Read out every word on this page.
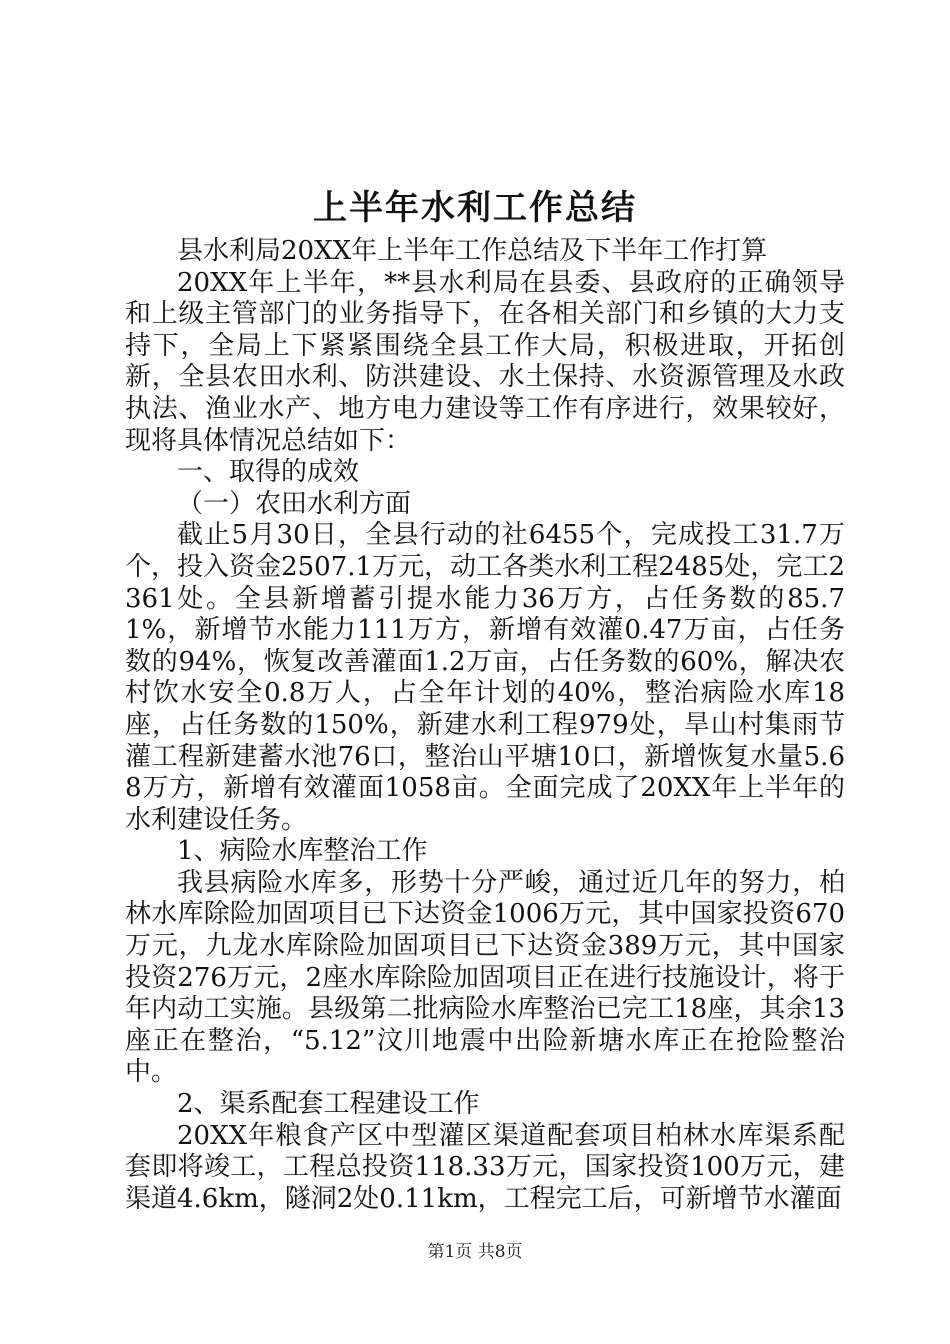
上半年水利工作总结

县水利局20XX年上半年工作总结及下半年工作打算

20XX年上半年，**县水利局在县委、县政府的正确领导和上级主管部门的业务指导下，在各相关部门和乡镇的大力支持下，全局上下紧紧围绕全县工作大局，积极进取，开拓创新，全县农田水利、防洪建设、水土保持、水资源管理及水政执法、渔业水产、地方电力建设等工作有序进行，效果较好，现将具体情况总结如下：

一、取得的成效

（一）农田水利方面

截止5月30日，全县行动的社6455个，完成投工31.7万个，投入资金2507.1万元，动工各类水利工程2485处，完工2361处。全县新增蓄引提水能力36万方，占任务数的85.71%，新增节水能力111万方，新增有效灌0.47万亩，占任务数的94%，恢复改善灌面1.2万亩，占任务数的60%，解决农村饮水安全0.8万人，占全年计划的40%，整治病险水库18座，占任务数的150%，新建水利工程979处，旱山村集雨节灌工程新建蓄水池76口，整治山平塘10口，新增恢复水量5.68万方，新增有效灌面1058亩。全面完成了20XX年上半年的水利建设任务。

1、病险水库整治工作

我县病险水库多，形势十分严峻，通过近几年的努力，柏林水库除险加固项目已下达资金1006万元，其中国家投资670万元，九龙水库除险加固项目已下达资金389万元，其中国家投资276万元，2座水库除险加固项目正在进行技施设计，将于年内动工实施。县级第二批病险水库整治已完工18座，其余13座正在整治，“5.12”汶川地震中出险新塘水库正在抢险整治中。

2、渠系配套工程建设工作

20XX年粮食产区中型灌区渠道配套项目柏林水库渠系配套即将竣工，工程总投资118.33万元，国家投资100万元，建渠道4.6km，隧洞2处0.11km，工程完工后，可新增节水灌面

第1页 共8页
